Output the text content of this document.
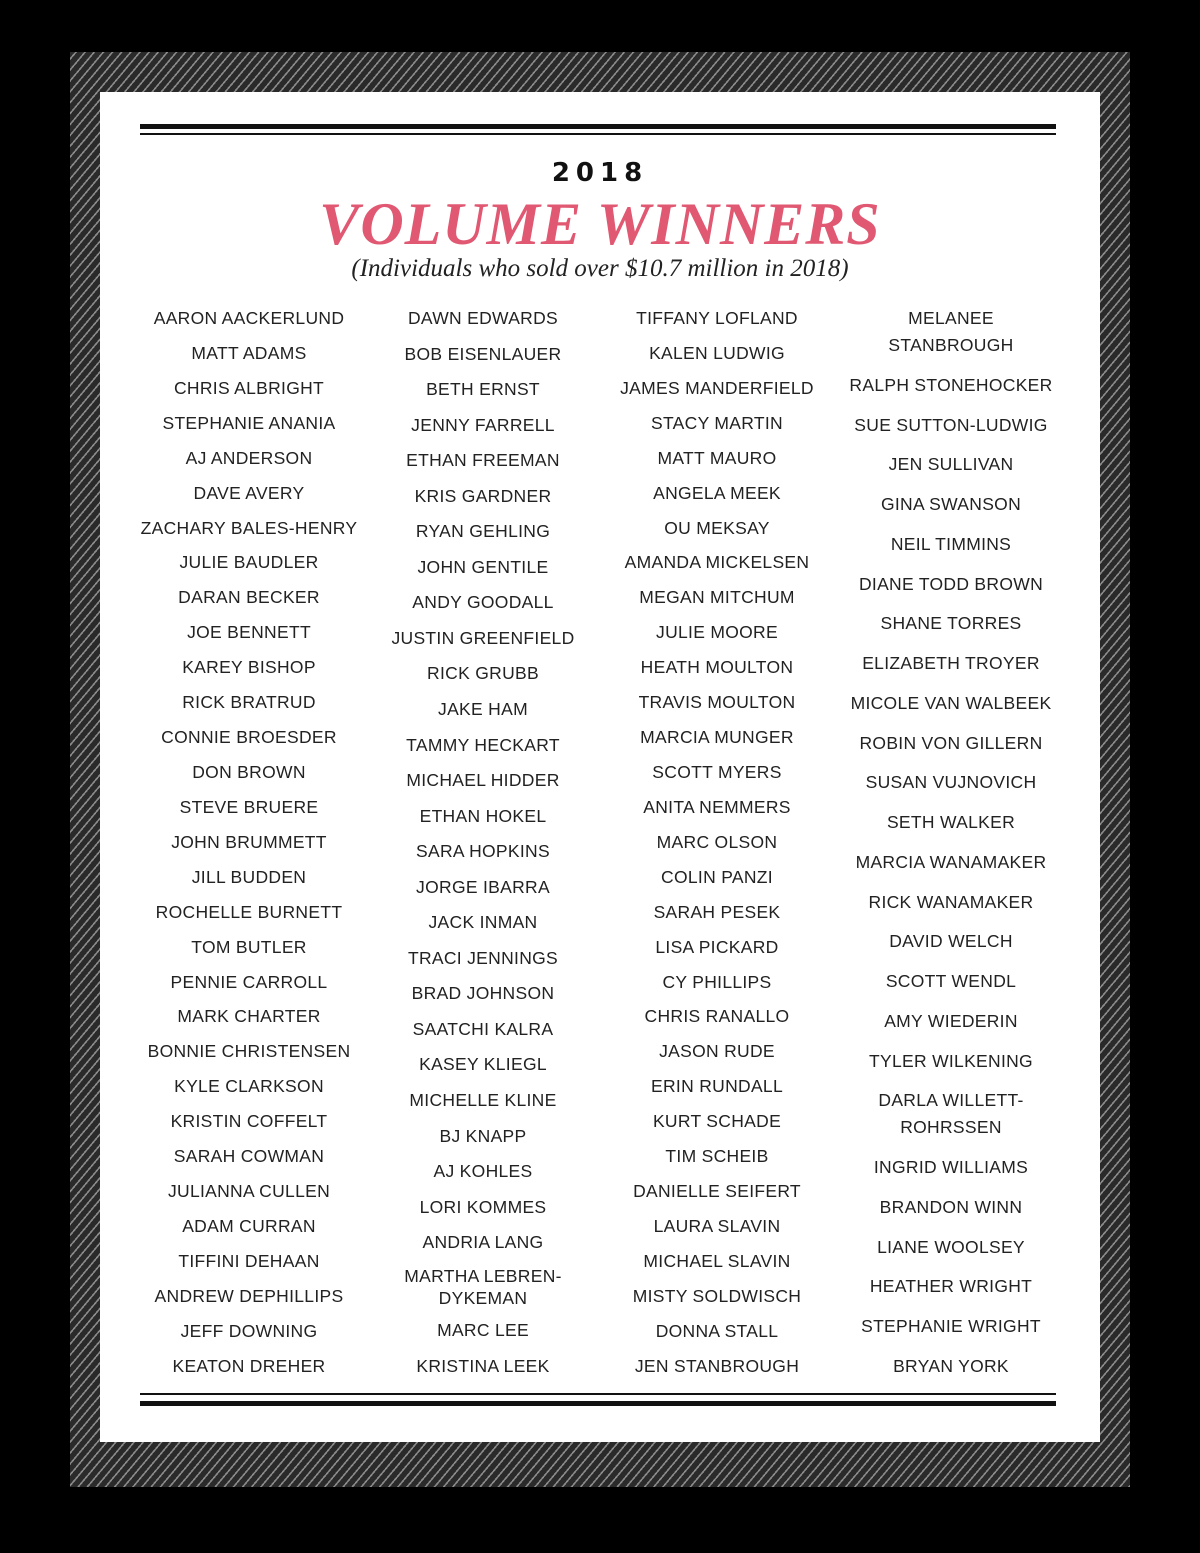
2018
VOLUME WINNERS
(Individuals who sold over $10.7 million in 2018)
AARON AACKERLUND
MATT ADAMS
CHRIS ALBRIGHT
STEPHANIE ANANIA
AJ ANDERSON
DAVE AVERY
ZACHARY BALES-HENRY
JULIE BAUDLER
DARAN BECKER
JOE BENNETT
KAREY BISHOP
RICK BRATRUD
CONNIE BROESDER
DON BROWN
STEVE BRUERE
JOHN BRUMMETT
JILL BUDDEN
ROCHELLE BURNETT
TOM BUTLER
PENNIE CARROLL
MARK CHARTER
BONNIE CHRISTENSEN
KYLE CLARKSON
KRISTIN COFFELT
SARAH COWMAN
JULIANNA CULLEN
ADAM CURRAN
TIFFINI DEHAAN
ANDREW DEPHILLIPS
JEFF DOWNING
KEATON DREHER
DAWN EDWARDS
BOB EISENLAUER
BETH ERNST
JENNY FARRELL
ETHAN FREEMAN
KRIS GARDNER
RYAN GEHLING
JOHN GENTILE
ANDY GOODALL
JUSTIN GREENFIELD
RICK GRUBB
JAKE HAM
TAMMY HECKART
MICHAEL HIDDER
ETHAN HOKEL
SARA HOPKINS
JORGE IBARRA
JACK INMAN
TRACI JENNINGS
BRAD JOHNSON
SAATCHI KALRA
KASEY KLIEGL
MICHELLE KLINE
BJ KNAPP
AJ KOHLES
LORI KOMMES
ANDRIA LANG
MARTHA LEBREN-DYKEMAN
MARC LEE
KRISTINA LEEK
TIFFANY LOFLAND
KALEN LUDWIG
JAMES MANDERFIELD
STACY MARTIN
MATT MAURO
ANGELA MEEK
OU MEKSAY
AMANDA MICKELSEN
MEGAN MITCHUM
JULIE MOORE
HEATH MOULTON
TRAVIS MOULTON
MARCIA MUNGER
SCOTT MYERS
ANITA NEMMERS
MARC OLSON
COLIN PANZI
SARAH PESEK
LISA PICKARD
CY PHILLIPS
CHRIS RANALLO
JASON RUDE
ERIN RUNDALL
KURT SCHADE
TIM SCHEIB
DANIELLE SEIFERT
LAURA SLAVIN
MICHAEL SLAVIN
MISTY SOLDWISCH
DONNA STALL
JEN STANBROUGH
MELANEE STANBROUGH
RALPH STONEHOCKER
SUE SUTTON-LUDWIG
JEN SULLIVAN
GINA SWANSON
NEIL TIMMINS
DIANE TODD BROWN
SHANE TORRES
ELIZABETH TROYER
MICOLE VAN WALBEEK
ROBIN VON GILLERN
SUSAN VUJNOVICH
SETH WALKER
MARCIA WANAMAKER
RICK WANAMAKER
DAVID WELCH
SCOTT WENDL
AMY WIEDERIN
TYLER WILKENING
DARLA WILLETT-ROHRSSEN
INGRID WILLIAMS
BRANDON WINN
LIANE WOOLSEY
HEATHER WRIGHT
STEPHANIE WRIGHT
BRYAN YORK
